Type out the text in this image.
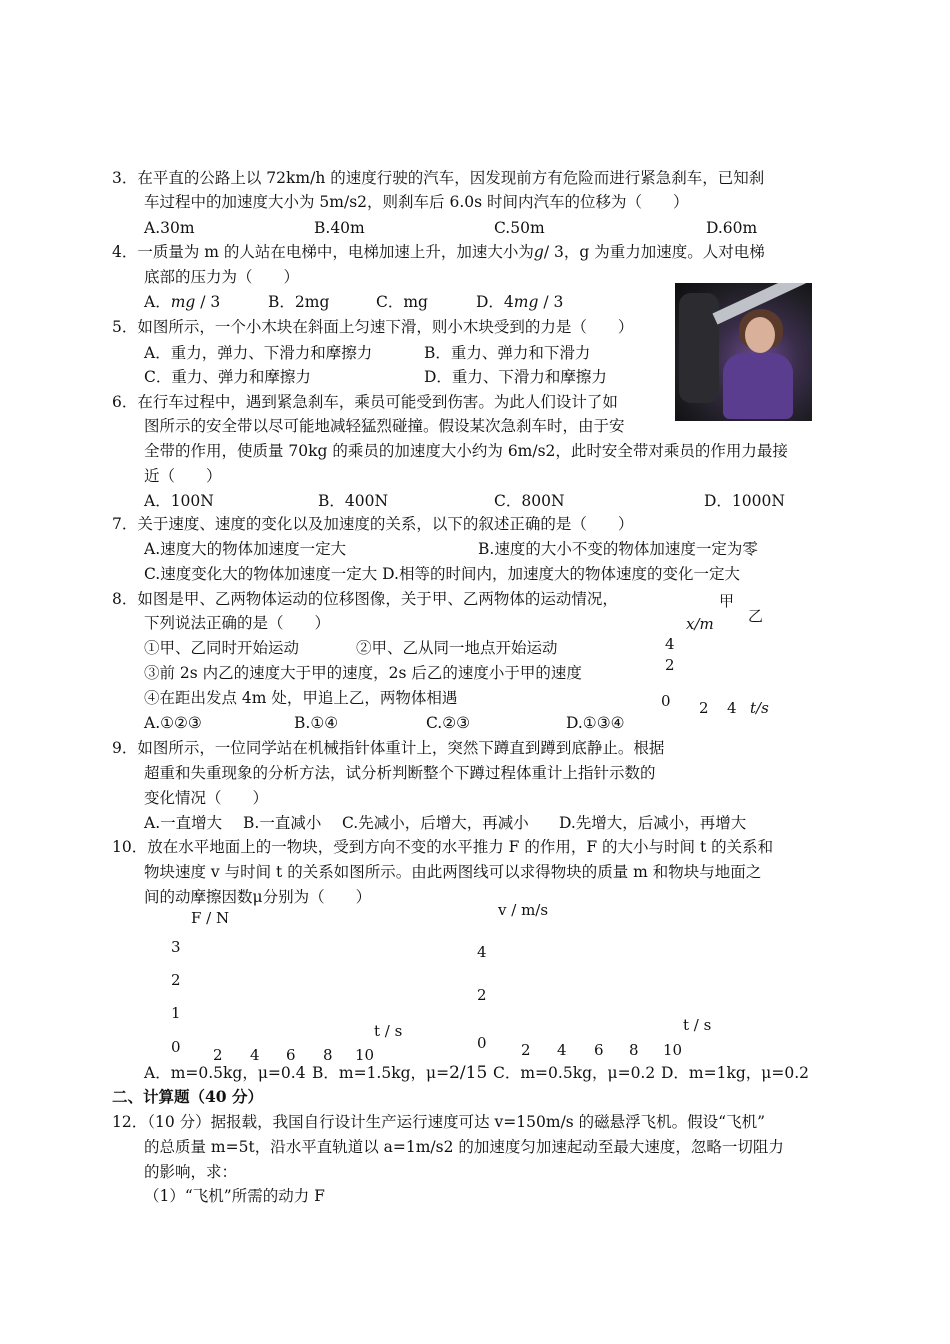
3．在平直的公路上以 72km/h 的速度行驶的汽车，因发现前方有危险而进行紧急刹车，已知刹
车过程中的加速度大小为 5m/s2，则刹车后 6.0s 时间内汽车的位移为（　　）
A.30m	B.40m	C.50m	D.60m
4．一质量为 m 的人站在电梯中，电梯加速上升，加速大小为g/ 3，g 为重力加速度。人对电梯
底部的压力为（　　）
A．mg / 3	B．2mg	C．mg	D．4mg / 3
5．如图所示，一个小木块在斜面上匀速下滑，则小木块受到的力是（　　）
A．重力，弹力、下滑力和摩擦力	B．重力、弹力和下滑力
C．重力、弹力和摩擦力	D．重力、下滑力和摩擦力
6．在行车过程中，遇到紧急刹车，乘员可能受到伤害。为此人们设计了如
图所示的安全带以尽可能地减轻猛烈碰撞。假设某次急刹车时，由于安
全带的作用，使质量 70kg 的乘员的加速度大小约为 6m/s2，此时安全带对乘员的作用力最接
近（　　）
A．100N	B．400N	C．800N	D．1000N
7．关于速度、速度的变化以及加速度的关系，以下的叙述正确的是（　　）
A.速度大的物体加速度一定大	B.速度的大小不变的物体加速度一定为零
C.速度变化大的物体加速度一定大 D.相等的时间内，加速度大的物体速度的变化一定大
8．如图是甲、乙两物体运动的位移图像，关于甲、乙两物体的运动情况，
下列说法正确的是（　　）
①甲、乙同时开始运动	②甲、乙从同一地点开始运动
③前 2s 内乙的速度大于甲的速度，2s 后乙的速度小于甲的速度
④在距出发点 4m 处，甲追上乙，两物体相遇
A.①②③	B.①④	C.②③	D.①③④
甲
乙
x/m
4
2
0 2 4 t/s
9．如图所示，一位同学站在机械指针体重计上，突然下蹲直到蹲到底静止。根据
超重和失重现象的分析方法，试分析判断整个下蹲过程体重计上指针示数的
变化情况（　　）
A.一直增大 B.一直减小 C.先减小，后增大，再减小 D.先增大，后减小，再增大
10．放在水平地面上的一物块，受到方向不变的水平推力 F 的作用，F 的大小与时间 t 的关系和
物块速度 v 与时间 t 的关系如图所示。由此两图线可以求得物块的质量 m 和物块与地面之
间的动摩擦因数μ分别为（　　）
F / N
3
2
1
0
t / s
2 4 6 8 10
v / m/s
4
2
0
t / s
2 4 6 8 10
A．m=0.5kg，μ=0.4 B．m=1.5kg，μ=2/15 C．m=0.5kg，μ=0.2 D．m=1kg，μ=0.2
二、计算题（40 分）
12．（10 分）据报载，我国自行设计生产运行速度可达 v=150m/s 的磁悬浮飞机。假设“飞机”
的总质量 m=5t，沿水平直轨道以 a=1m/s2 的加速度匀加速起动至最大速度，忽略一切阻力
的影响，求：
（1）“飞机”所需的动力 F
